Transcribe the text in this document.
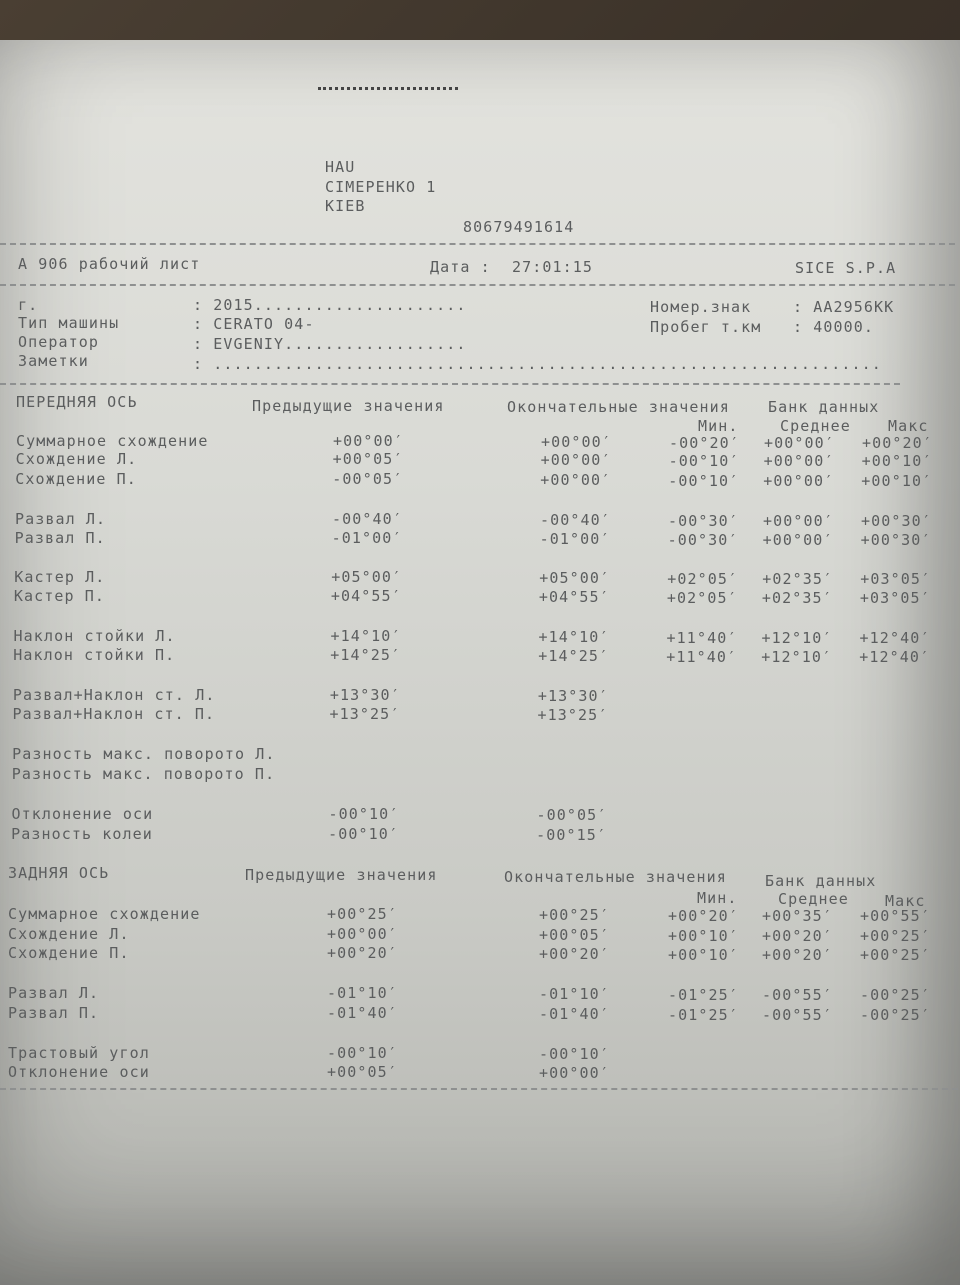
HAU
CIMEPEHKO 1
KIEB
80679491614
A 906 рабочий лист	Дата : 27:01:15	SICE S.P.A
г.	: 2015.....................
Тип машины	: CERATO 04-
Оператор	: EVGENIY..................
Заметки	: ..................................................................
Номер.знак	: AA2956KK
Пробег т.км : 40000.
ПЕРЕДНЯЯ ОСЬ	Предыдущие значения	Окончательные значения	Банк данных
Мин.	Среднее Макс
Суммарное схождение	+00°00′	+00°00′	-00°20′ +00°00′ +00°20′
Схождение Л.	+00°05′	+00°00′	-00°10′ +00°00′ +00°10′
Схождение П.	-00°05′	+00°00′	-00°10′ +00°00′ +00°10′
Развал Л.	-00°40′	-00°40′	-00°30′ +00°00′ +00°30′
Развал П.	-01°00′	-01°00′	-00°30′ +00°00′ +00°30′
Кастер Л.	+05°00′	+05°00′	+02°05′ +02°35′ +03°05′
Кастер П.	+04°55′	+04°55′	+02°05′ +02°35′ +03°05′
Наклон стойки Л.	+14°10′	+14°10′	+11°40′ +12°10′ +12°40′
Наклон стойки П.	+14°25′	+14°25′	+11°40′ +12°10′ +12°40′
Развал+Наклон ст. Л.	+13°30′	+13°30′
Развал+Наклон ст. П.	+13°25′	+13°25′
Разность макс. поворото Л.
Разность макс. поворото П.
Отклонение оси	-00°10′	-00°05′
Разность колеи	-00°10′	-00°15′
ЗАДНЯЯ ОСЬ	Предыдущие значения	Окончательные значения	Банк данных
Мин.	Среднее Макс
Суммарное схождение	+00°25′	+00°25′	+00°20′ +00°35′ +00°55′
Схождение Л.	+00°00′	+00°05′	+00°10′ +00°20′ +00°25′
Схождение П.	+00°20′	+00°20′	+00°10′ +00°20′ +00°25′
Развал Л.	-01°10′	-01°10′	-01°25′ -00°55′ -00°25′
Развал П.	-01°40′	-01°40′	-01°25′ -00°55′ -00°25′
Трастовый угол	-00°10′	-00°10′
Отклонение оси	+00°05′	+00°00′
